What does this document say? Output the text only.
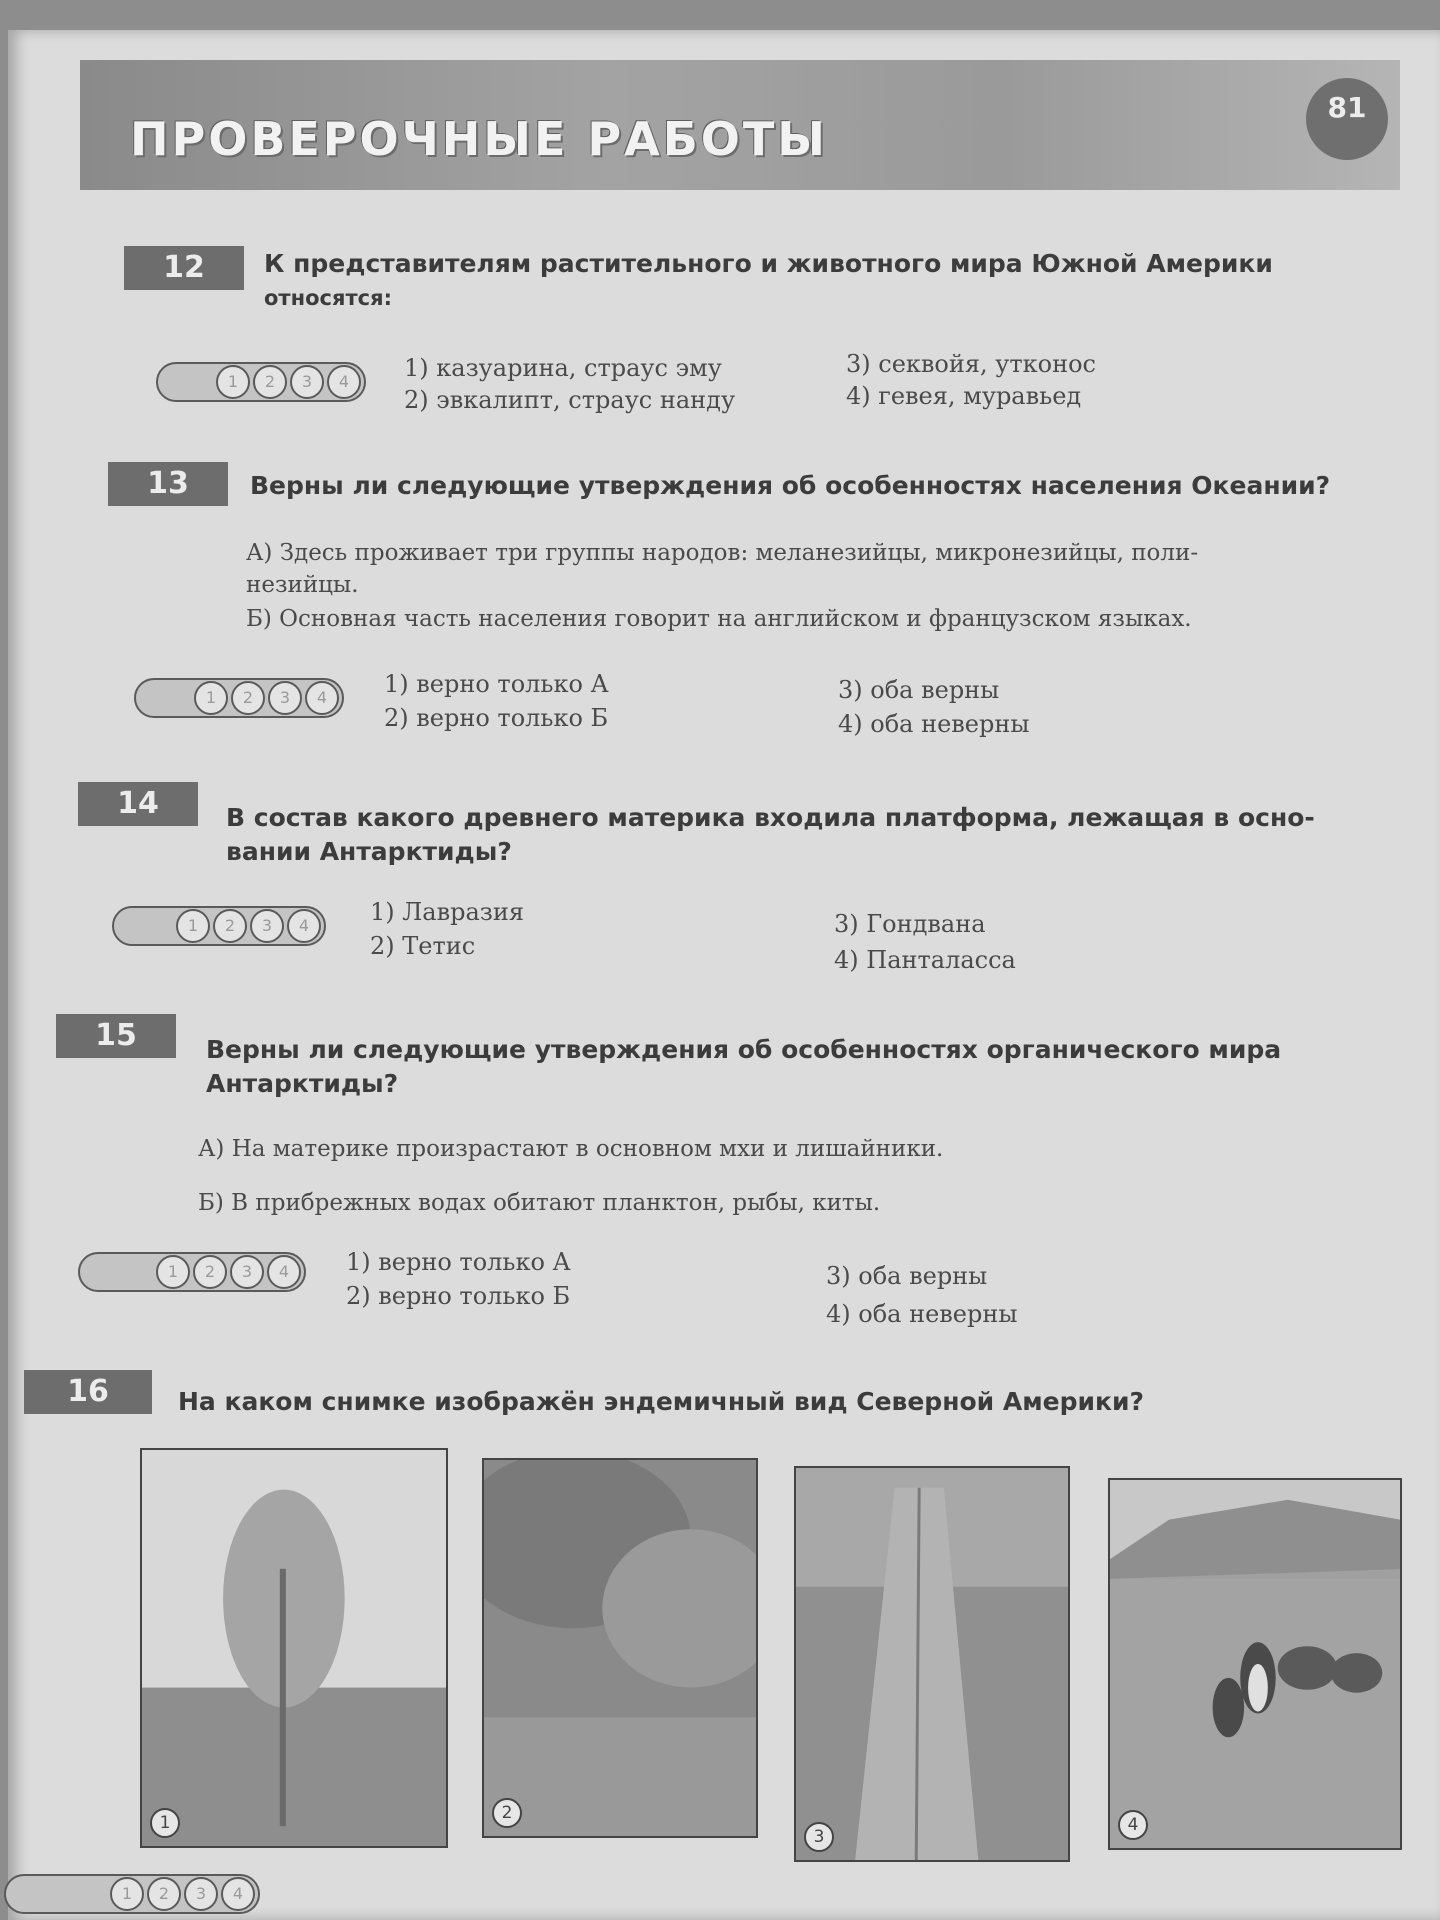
ПРОВЕРОЧНЫЕ РАБОТЫ
81
12	К представителям растительного и животного мира Южной Америки
относятся:
1	2	3	4	1) казуарина, страус эму
2) эвкалипт, страус нанду
3) секвойя, утконос
4) гевея, муравьед
13	Верны ли следующие утверждения об особенностях населения Океании?
А) Здесь проживает три группы народов: меланезийцы, микронезийцы, поли-
незийцы.
Б) Основная часть населения говорит на английском и французском языках.
1	2	3	4	1) верно только А
2) верно только Б
3) оба верны
4) оба неверны
14	В состав какого древнего материка входила платформа, лежащая в осно-
вании Антарктиды?
1	2	3	4	1) Лавразия
2) Тетис
3) Гондвана
4) Панталасса
15	Верны ли следующие утверждения об особенностях органического мира
Антарктиды?
А) На материке произрастают в основном мхи и лишайники.
Б) В прибрежных водах обитают планктон, рыбы, киты.
1	2	3	4	1) верно только А
2) верно только Б
3) оба верны
4) оба неверны
16	На каком снимке изображён эндемичный вид Северной Америки?
1	2
3
4
1	2	3	4
